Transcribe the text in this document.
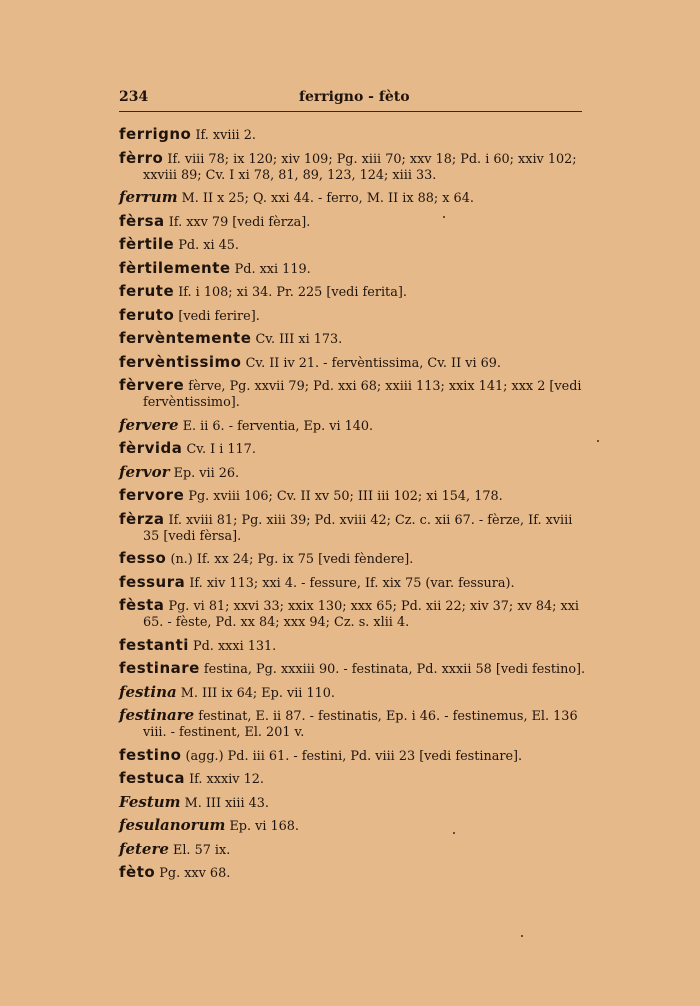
234	ferrigno - fèto
ferrigno If. xviii 2.
fèrro If. viii 78; ix 120; xiv 109; Pg. xiii 70; xxv 18; Pd. i 60; xxiv 102; xxviii 89; Cv. I xi 78, 81, 89, 123, 124; xiii 33.
ferrum M. II x 25; Q. xxi 44. - ferro, M. II ix 88; x 64.
fèrsa If. xxv 79 [vedi fèrza].
fèrtile Pd. xi 45.
fèrtilemente Pd. xxi 119.
ferute If. i 108; xi 34. Pr. 225 [vedi ferita].
feruto [vedi ferire].
fervèntemente Cv. III xi 173.
fervèntissimo Cv. II iv 21. - fervèntissima, Cv. II vi 69.
fèrvere fèrve, Pg. xxvii 79; Pd. xxi 68; xxiii 113; xxix 141; xxx 2 [vedi fervèntissimo].
fervere E. ii 6. - ferventia, Ep. vi 140.
fèrvida Cv. I i 117.
fervor Ep. vii 26.
fervore Pg. xviii 106; Cv. II xv 50; III iii 102; xi 154, 178.
fèrza If. xviii 81; Pg. xiii 39; Pd. xviii 42; Cz. c. xii 67. - fèrze, If. xviii 35 [vedi fèrsa].
fesso (n.) If. xx 24; Pg. ix 75 [vedi fèndere].
fessura If. xiv 113; xxi 4. - fessure, If. xix 75 (var. fessura).
fèsta Pg. vi 81; xxvi 33; xxix 130; xxx 65; Pd. xii 22; xiv 37; xv 84; xxi 65. - fèste, Pd. xx 84; xxx 94; Cz. s. xlii 4.
festanti Pd. xxxi 131.
festinare festina, Pg. xxxiii 90. - festinata, Pd. xxxii 58 [vedi festino].
festina M. III ix 64; Ep. vii 110.
festinare festinat, E. ii 87. - festinatis, Ep. i 46. - festinemus, El. 136 viii. - festinent, El. 201 v.
festino (agg.) Pd. iii 61. - festini, Pd. viii 23 [vedi festinare].
festuca If. xxxiv 12.
Festum M. III xiii 43.
fesulanorum Ep. vi 168.
fetere El. 57 ix.
fèto Pg. xxv 68.
